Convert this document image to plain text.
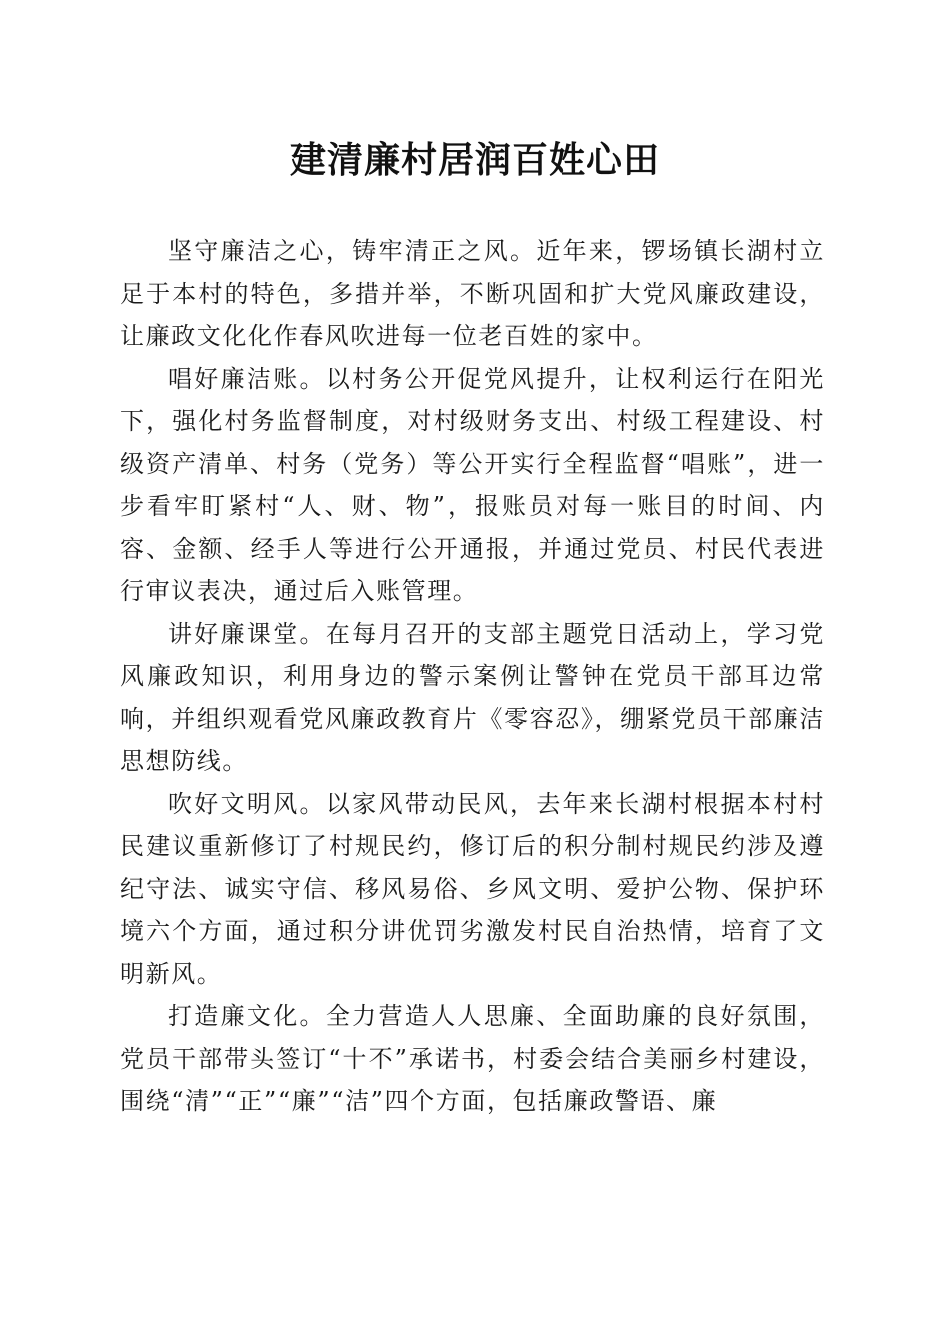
建清廉村居润百姓心田

坚守廉洁之心，铸牢清正之风。近年来，锣场镇长湖村立足于本村的特色，多措并举，不断巩固和扩大党风廉政建设，让廉政文化化作春风吹进每一位老百姓的家中。

唱好廉洁账。以村务公开促党风提升，让权利运行在阳光下，强化村务监督制度，对村级财务支出、村级工程建设、村级资产清单、村务（党务）等公开实行全程监督“唱账”，进一步看牢盯紧村“人、财、物”，报账员对每一账目的时间、内容、金额、经手人等进行公开通报，并通过党员、村民代表进行审议表决，通过后入账管理。

讲好廉课堂。在每月召开的支部主题党日活动上，学习党风廉政知识，利用身边的警示案例让警钟在党员干部耳边常响，并组织观看党风廉政教育片《零容忍》，绷紧党员干部廉洁思想防线。

吹好文明风。以家风带动民风，去年来长湖村根据本村村民建议重新修订了村规民约，修订后的积分制村规民约涉及遵纪守法、诚实守信、移风易俗、乡风文明、爱护公物、保护环境六个方面，通过积分讲优罚劣激发村民自治热情，培育了文明新风。

打造廉文化。全力营造人人思廉、全面助廉的良好氛围，党员干部带头签订“十不”承诺书，村委会结合美丽乡村建设，围绕“清”“正”“廉”“洁”四个方面，包括廉政警语、廉
